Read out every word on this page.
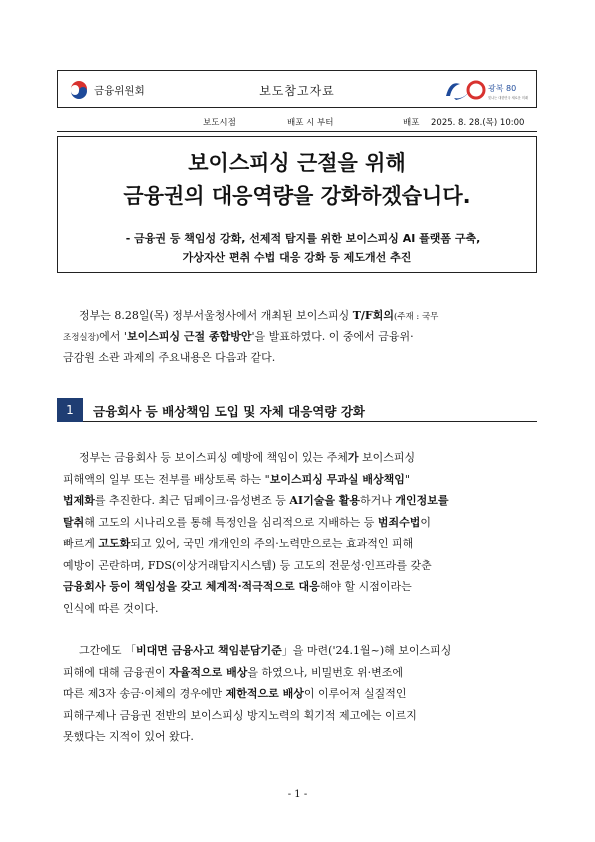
금융위원회	보도참고자료	광복 80
빛나는 대한민국 새로운 미래
보도시점	배포 시 부터	배포 2025. 8. 28.(목) 10:00
보이스피싱 근절을 위해
금융권의 대응역량을 강화하겠습니다.
- 금융권 등 책임성 강화, 선제적 탐지를 위한 보이스피싱 AI 플랫폼 구축,
가상자산 편취 수법 대응 강화 등 제도개선 추진
정부는 8.28일(목) 정부서울청사에서 개최된 보이스피싱 T/F회의(주재 : 국무
조정실장)에서 '보이스피싱 근절 종합방안'을 발표하였다. 이 중에서 금융위·
금감원 소관 과제의 주요내용은 다음과 같다.
1	금융회사 등 배상책임 도입 및 자체 대응역량 강화
정부는 금융회사 등 보이스피싱 예방에 책임이 있는 주체가 보이스피싱
피해액의 일부 또는 전부를 배상토록 하는 "보이스피싱 무과실 배상책임"
법제화를 추진한다. 최근 딥페이크·음성변조 등 AI기술을 활용하거나 개인정보를
탈취해 고도의 시나리오를 통해 특정인을 심리적으로 지배하는 등 범죄수법이
빠르게 고도화되고 있어, 국민 개개인의 주의·노력만으로는 효과적인 피해
예방이 곤란하며, FDS(이상거래탐지시스템) 등 고도의 전문성·인프라를 갖춘
금융회사 등이 책임성을 갖고 체계적·적극적으로 대응해야 할 시점이라는
인식에 따른 것이다.
그간에도 「비대면 금융사고 책임분담기준」을 마련('24.1월~)해 보이스피싱
피해에 대해 금융권이 자율적으로 배상을 하였으나, 비밀번호 위·변조에
따른 제3자 송금·이체의 경우에만 제한적으로 배상이 이루어져 실질적인
피해구제나 금융권 전반의 보이스피싱 방지노력의 획기적 제고에는 이르지
못했다는 지적이 있어 왔다.
- 1 -
